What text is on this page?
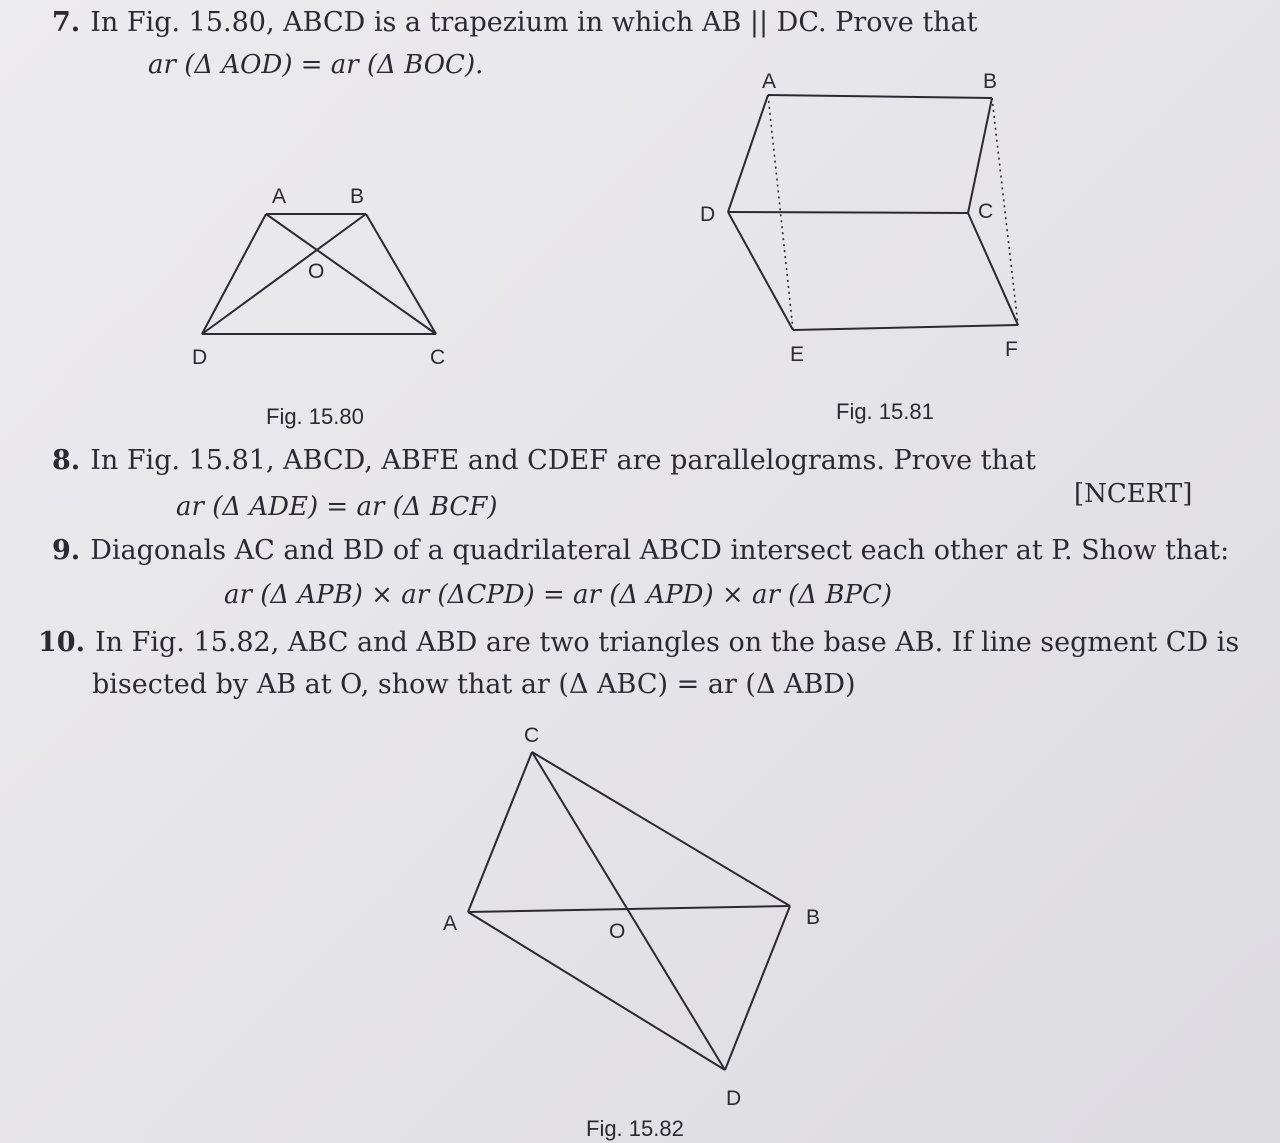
7. In Fig. 15.80, ABCD is a trapezium in which AB || DC. Prove that
ar (Δ AOD) = ar (Δ BOC).
A	B
O
D	C
A	B
D	C
E	F
C
A	B
O
D
Fig. 15.80	Fig. 15.81
8. In Fig. 15.81, ABCD, ABFE and CDEF are parallelograms. Prove that
ar (Δ ADE) = ar (Δ BCF)	[NCERT]
9. Diagonals AC and BD of a quadrilateral ABCD intersect each other at P. Show that:
ar (Δ APB) × ar (ΔCPD) = ar (Δ APD) × ar (Δ BPC)
10. In Fig. 15.82, ABC and ABD are two triangles on the base AB. If line segment CD is
bisected by AB at O, show that ar (Δ ABC) = ar (Δ ABD)
Fig. 15.82
